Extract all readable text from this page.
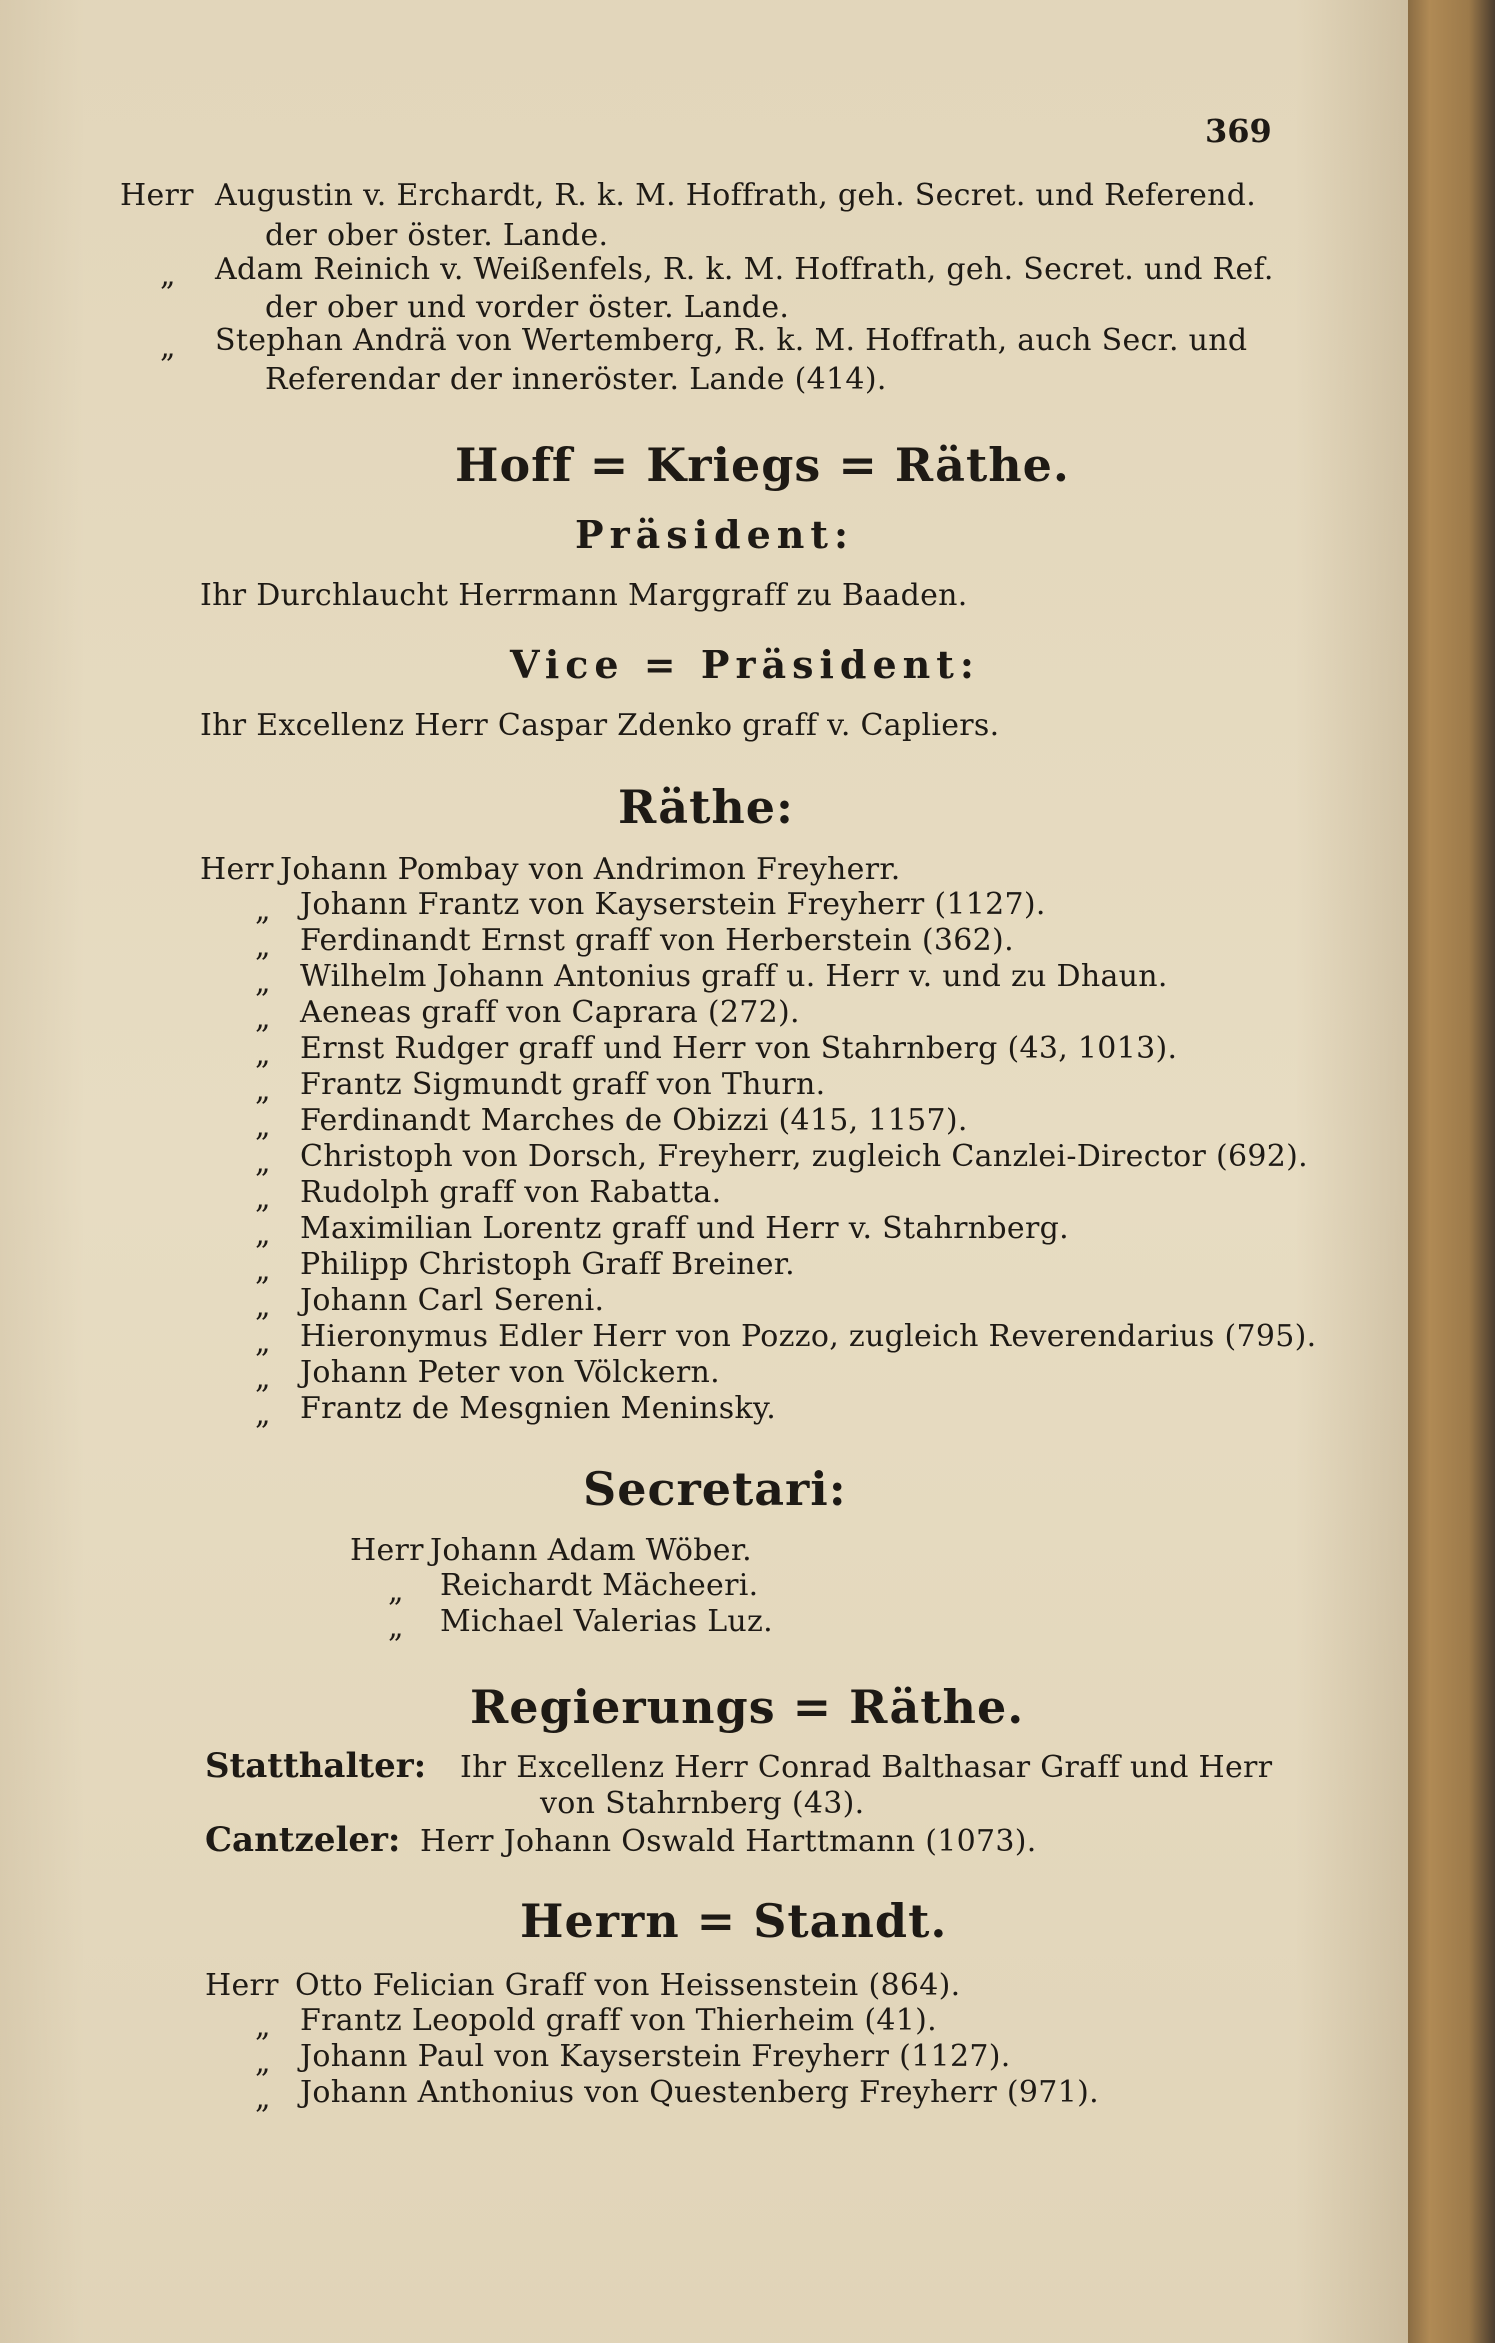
369
Herr Augustin v. Erchardt, R. k. M. Hoffrath, geh. Secret. und Referend.
der ober öster. Lande.
„ Adam Reinich v. Weißenfels, R. k. M. Hoffrath, geh. Secret. und Ref.
der ober und vorder öster. Lande.
„ Stephan Andrä von Wertemberg, R. k. M. Hoffrath, auch Secr. und
Referendar der inneröster. Lande (414).
Hoff = Kriegs = Räthe.
Präsident:
Ihr Durchlaucht Herrmann Marggraff zu Baaden.
Vice = Präsident:
Ihr Excellenz Herr Caspar Zdenko graff v. Capliers.
Räthe:
Herr Johann Pombay von Andrimon Freyherr.
„ Johann Frantz von Kayserstein Freyherr (1127).
„ Ferdinandt Ernst graff von Herberstein (362).
„ Wilhelm Johann Antonius graff u. Herr v. und zu Dhaun.
„ Aeneas graff von Caprara (272).
„ Ernst Rudger graff und Herr von Stahrnberg (43, 1013).
„ Frantz Sigmundt graff von Thurn.
„ Ferdinandt Marches de Obizzi (415, 1157).
„ Christoph von Dorsch, Freyherr, zugleich Canzlei-Director (692).
„ Rudolph graff von Rabatta.
„ Maximilian Lorentz graff und Herr v. Stahrnberg.
„ Philipp Christoph Graff Breiner.
„ Johann Carl Sereni.
„ Hieronymus Edler Herr von Pozzo, zugleich Reverendarius (795).
„ Johann Peter von Völckern.
„ Frantz de Mesgnien Meninsky.
Secretari:
Herr Johann Adam Wöber.
„ Reichardt Mächeeri.
„ Michael Valerias Luz.
Regierungs = Räthe.
Statthalter: Ihr Excellenz Herr Conrad Balthasar Graff und Herr
von Stahrnberg (43).
Cantzeler: Herr Johann Oswald Harttmann (1073).
Herrn = Standt.
Herr Otto Felician Graff von Heissenstein (864).
„ Frantz Leopold graff von Thierheim (41).
„ Johann Paul von Kayserstein Freyherr (1127).
„ Johann Anthonius von Questenberg Freyherr (971).
